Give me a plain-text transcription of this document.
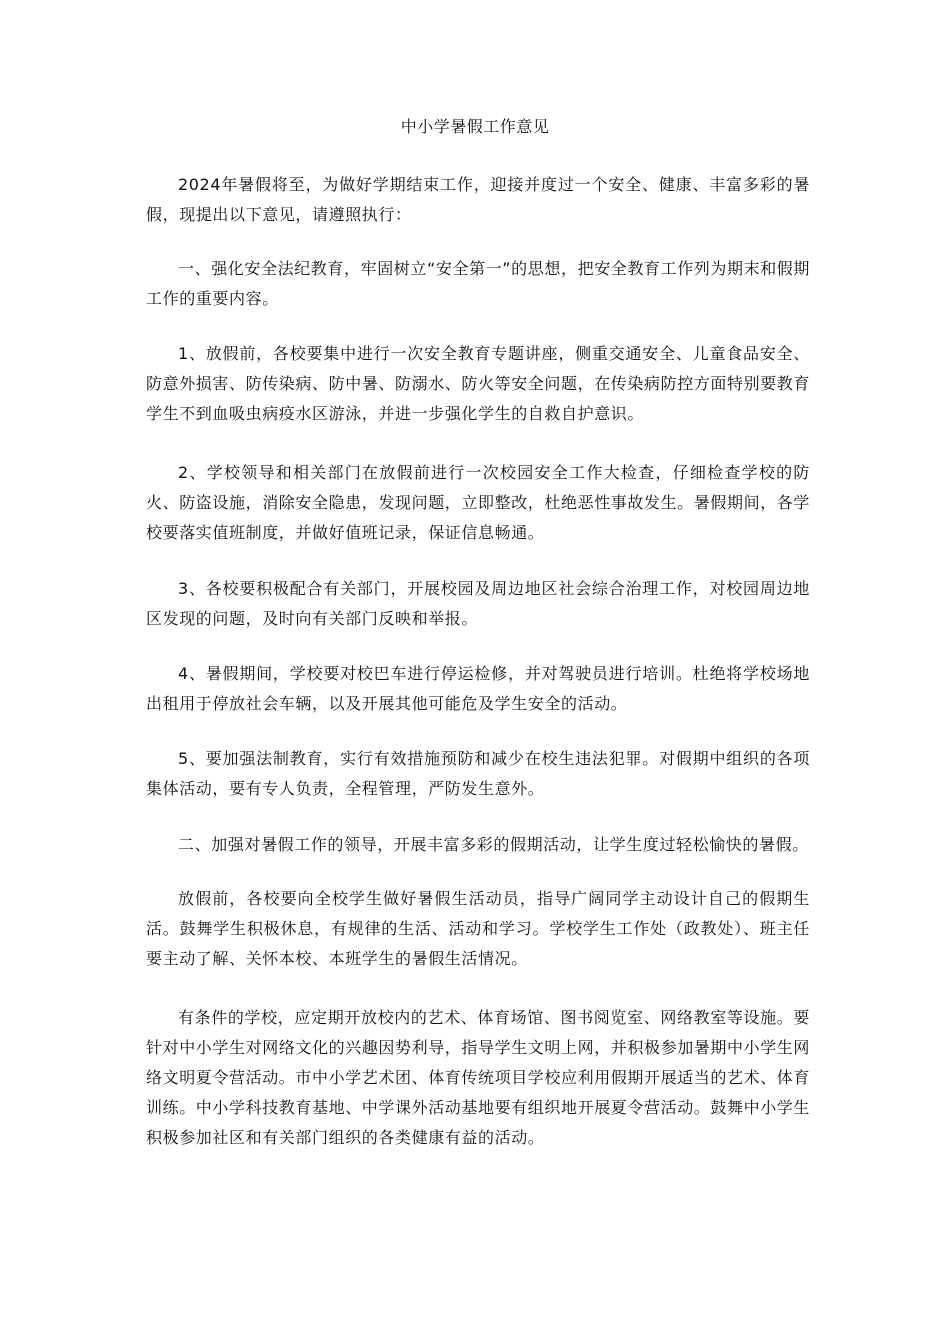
中小学暑假工作意见

2024年暑假将至，为做好学期结束工作，迎接并度过一个安全、健康、丰富多彩的暑假，现提出以下意见，请遵照执行：

一、强化安全法纪教育，牢固树立“安全第一”的思想，把安全教育工作列为期末和假期工作的重要内容。

1、放假前，各校要集中进行一次安全教育专题讲座，侧重交通安全、儿童食品安全、防意外损害、防传染病、防中暑、防溺水、防火等安全问题，在传染病防控方面特别要教育学生不到血吸虫病疫水区游泳，并进一步强化学生的自救自护意识。

2、学校领导和相关部门在放假前进行一次校园安全工作大检查，仔细检查学校的防火、防盗设施，消除安全隐患，发现问题，立即整改，杜绝恶性事故发生。暑假期间，各学校要落实值班制度，并做好值班记录，保证信息畅通。

3、各校要积极配合有关部门，开展校园及周边地区社会综合治理工作，对校园周边地区发现的问题，及时向有关部门反映和举报。

4、暑假期间，学校要对校巴车进行停运检修，并对驾驶员进行培训。杜绝将学校场地出租用于停放社会车辆，以及开展其他可能危及学生安全的活动。

5、要加强法制教育，实行有效措施预防和减少在校生违法犯罪。对假期中组织的各项集体活动，要有专人负责，全程管理，严防发生意外。

二、加强对暑假工作的领导，开展丰富多彩的假期活动，让学生度过轻松愉快的暑假。

放假前，各校要向全校学生做好暑假生活动员，指导广阔同学主动设计自己的假期生活。鼓舞学生积极休息，有规律的生活、活动和学习。学校学生工作处（政教处）、班主任要主动了解、关怀本校、本班学生的暑假生活情况。

有条件的学校，应定期开放校内的艺术、体育场馆、图书阅览室、网络教室等设施。要针对中小学生对网络文化的兴趣因势利导，指导学生文明上网，并积极参加暑期中小学生网络文明夏令营活动。市中小学艺术团、体育传统项目学校应利用假期开展适当的艺术、体育训练。中小学科技教育基地、中学课外活动基地要有组织地开展夏令营活动。鼓舞中小学生积极参加社区和有关部门组织的各类健康有益的活动。
